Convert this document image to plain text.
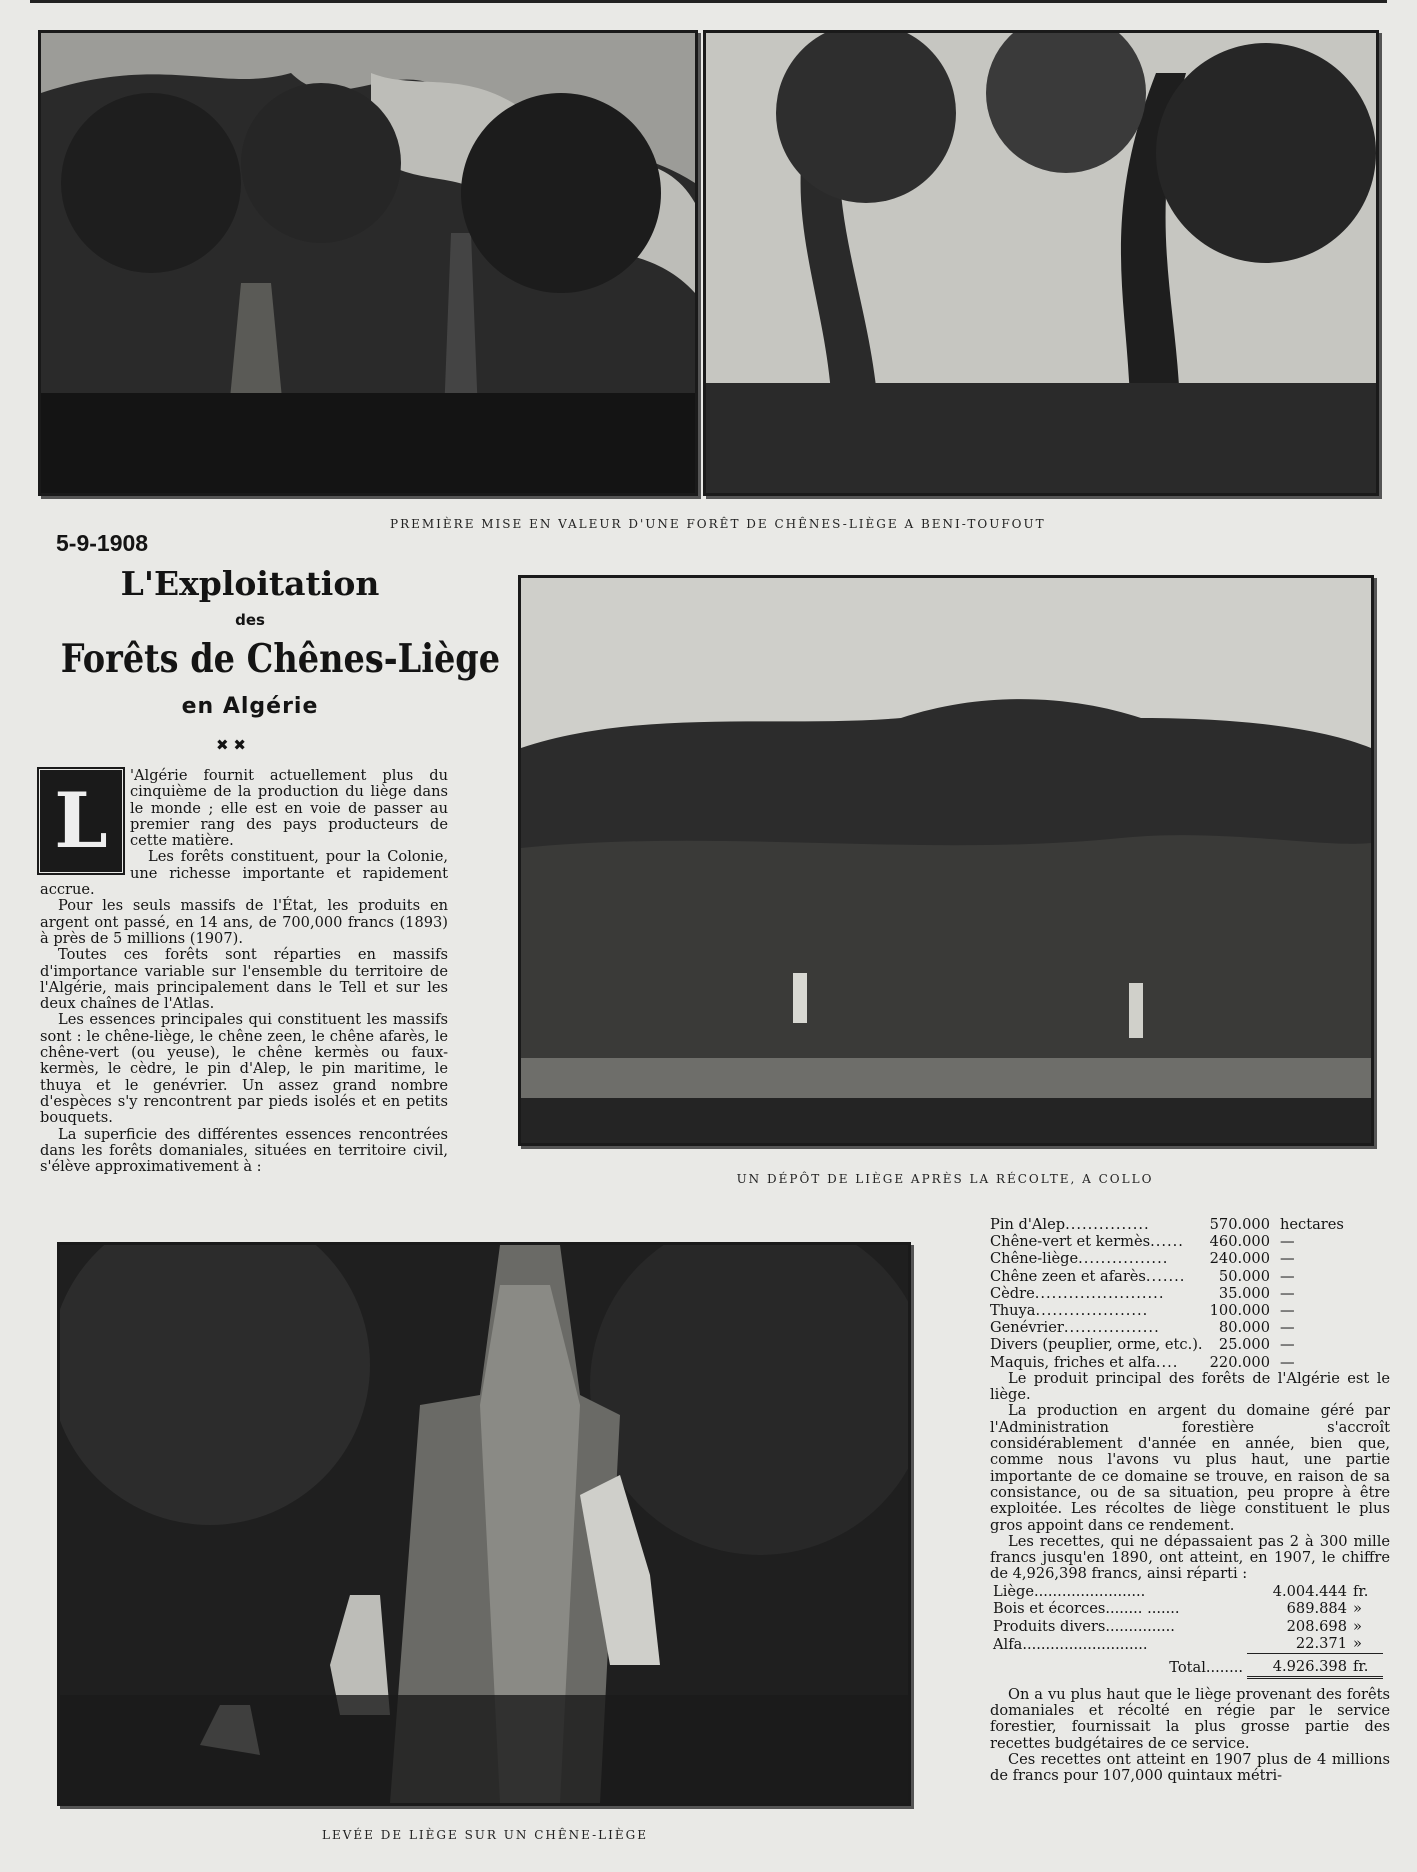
PREMIÈRE MISE EN VALEUR D'UNE FORÊT DE CHÊNES-LIÈGE A BENI-TOUFOUT
5-9-1908
L'Exploitation
des
Forêts de Chênes-Liège
en Algérie
✖ ✖
UN DÉPÔT DE LIÈGE APRÈS LA RÉCOLTE, A COLLO

L
'Algérie fournit actuellement plus du cinquième de la production du liège dans le monde ; elle est en voie de passer au premier rang des pays producteurs de cette matière.

Les forêts constituent, pour la Colonie, une richesse importante et rapidement accrue.

Pour les seuls massifs de l'État, les produits en argent ont passé, en 14 ans, de 700,000 francs (1893) à près de 5 millions (1907).

Toutes ces forêts sont réparties en massifs d'importance variable sur l'ensemble du territoire de l'Algérie, mais principalement dans le Tell et sur les deux chaînes de l'Atlas.

Les essences principales qui constituent les massifs sont : le chêne-liège, le chêne zeen, le chêne afarès, le chêne-vert (ou yeuse), le chêne kermès ou faux-kermès, le cèdre, le pin d'Alep, le pin maritime, le thuya et le genévrier. Un assez grand nombre d'espèces s'y rencontrent par pieds isolés et en petits bouquets.

La superficie des différentes essences rencontrées dans les forêts domaniales, situées en territoire civil, s'élève approximativement à :

LEVÉE DE LIÈGE SUR UN CHÊNE-LIÈGE
Pin d'Alep...............	570.000	hectares
Chêne-vert et kermès......	460.000	—
Chêne-liège................	240.000	—
Chêne zeen et afarès.......	50.000	—
Cèdre.......................	35.000	—
Thuya....................	100.000	—
Genévrier.................	80.000	—
Divers (peuplier, orme, etc.).	25.000	—
Maquis, friches et alfa....	220.000	—

Le produit principal des forêts de l'Algérie est le liège.

La production en argent du domaine géré par l'Administration forestière s'accroît considérablement d'année en année, bien que, comme nous l'avons vu plus haut, une partie importante de ce domaine se trouve, en raison de sa consistance, ou de sa situation, peu propre à être exploitée. Les récoltes de liège constituent le plus gros appoint dans ce rendement.

Les recettes, qui ne dépassaient pas 2 à 300 mille francs jusqu'en 1890, ont atteint, en 1907, le chiffre de 4,926,398 francs, ainsi réparti :

Liège........................	4.004.444	fr.
Bois et écorces........ .......	689.884	»
Produits divers...............	208.698	»
Alfa...........................	22.371	»
Total........	4.926.398	fr.

On a vu plus haut que le liège provenant des forêts domaniales et récolté en régie par le service forestier, fournissait la plus grosse partie des recettes budgétaires de ce service.

Ces recettes ont atteint en 1907 plus de 4 millions de francs pour 107,000 quintaux métri-
